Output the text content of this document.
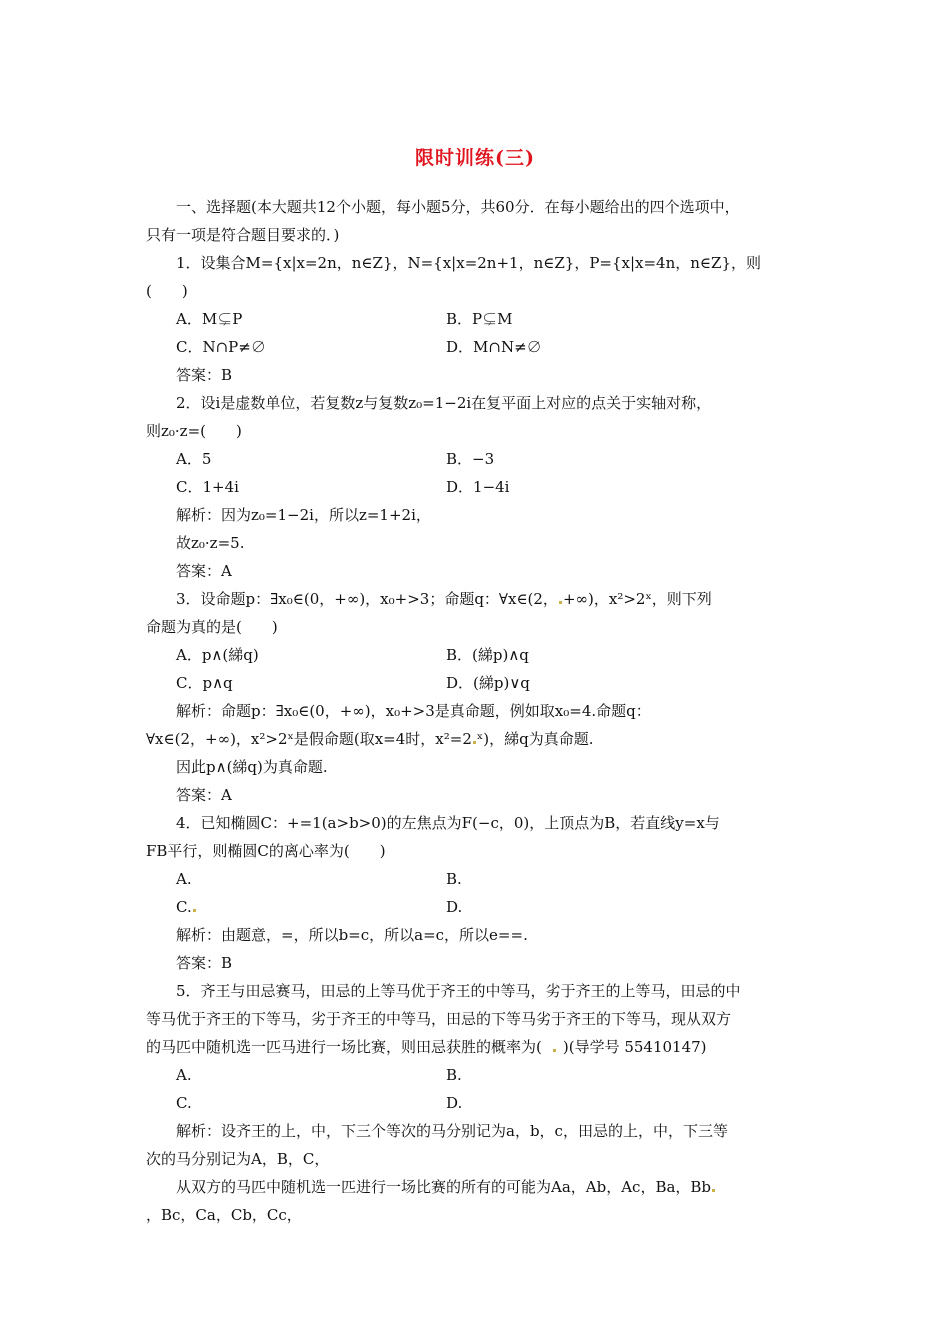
限时训练(三)
一、选择题(本大题共12个小题，每小题5分，共60分．在每小题给出的四个选项中，
只有一项是符合题目要求的．)
1．设集合M={x|x=2n，n∈Z}，N={x|x=2n+1，n∈Z}，P={x|x=4n，n∈Z}，则
(　　)
A．M⊊P	B．P⊊M
C．N∩P≠∅	D．M∩N≠∅
答案：B
2．设i是虚数单位，若复数z与复数z₀=1−2i在复平面上对应的点关于实轴对称，
则z₀·z=(　　)
A．5	B．−3
C．1+4i	D．1−4i
解析：因为z₀=1−2i，所以z=1+2i，
故z₀·z=5.
答案：A
3．设命题p：∃x₀∈(0，+∞)，x₀+>3；命题q：∀x∈(2， +∞)，x²>2ˣ，则下列
命题为真的是(　　)
A．p∧(綈q)	B．(綈p)∧q
C．p∧q	D．(綈p)∨q
解析：命题p：∃x₀∈(0，+∞)，x₀+>3是真命题，例如取x₀=4.命题q：
∀x∈(2，+∞)，x²>2ˣ是假命题(取x=4时，x²=2 ˣ)，綈q为真命题.
因此p∧(綈q)为真命题.
答案：A
4．已知椭圆C：+=1(a>b>0)的左焦点为F(−c，0)，上顶点为B，若直线y=x与
FB平行，则椭圆C的离心率为(　　)
A.	B.
C.	D.
解析：由题意，=，所以b=c，所以a=c，所以e==.
答案：B
5．齐王与田忌赛马，田忌的上等马优于齐王的中等马，劣于齐王的上等马，田忌的中
等马优于齐王的下等马，劣于齐王的中等马，田忌的下等马劣于齐王的下等马，现从双方
的马匹中随机选一匹马进行一场比赛，则田忌获胜的概率为( )(导学号 55410147)
A.	B.
C.	D.
解析：设齐王的上，中，下三个等次的马分别记为a，b，c，田忌的上，中，下三等
次的马分别记为A，B，C，
从双方的马匹中随机选一匹进行一场比赛的所有的可能为Aa，Ab，Ac，Ba，Bb
，Bc，Ca，Cb，Cc，
